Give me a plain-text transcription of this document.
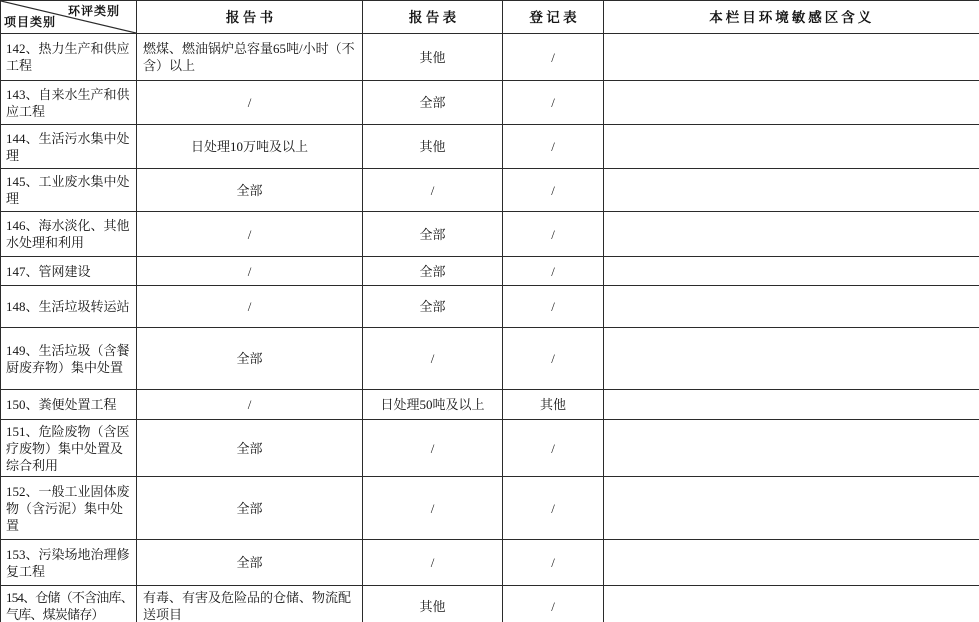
环评类别
项目类别	报 告 书	报 告 表	登 记 表	本栏目环境敏感区含义
142、热力生产和供应工程	燃煤、燃油锅炉总容量65吨/小时（不含）以上	其他	/	
143、自来水生产和供应工程	/	全部	/	
144、生活污水集中处理	日处理10万吨及以上	其他	/	
145、工业废水集中处理	全部	/	/	
146、海水淡化、其他水处理和利用	/	全部	/	
147、管网建设	/	全部	/	
148、生活垃圾转运站	/	全部	/	
149、生活垃圾（含餐厨废弃物）集中处置	全部	/	/	
150、粪便处置工程	/	日处理50吨及以上	其他	
151、危险废物（含医疗废物）集中处置及综合利用	全部	/	/	
152、一般工业固体废物（含污泥）集中处置	全部	/	/	
153、污染场地治理修复工程	全部	/	/	
154、仓储（不含油库、气库、煤炭储存）	有毒、有害及危险品的仓储、物流配送项目	其他	/	
